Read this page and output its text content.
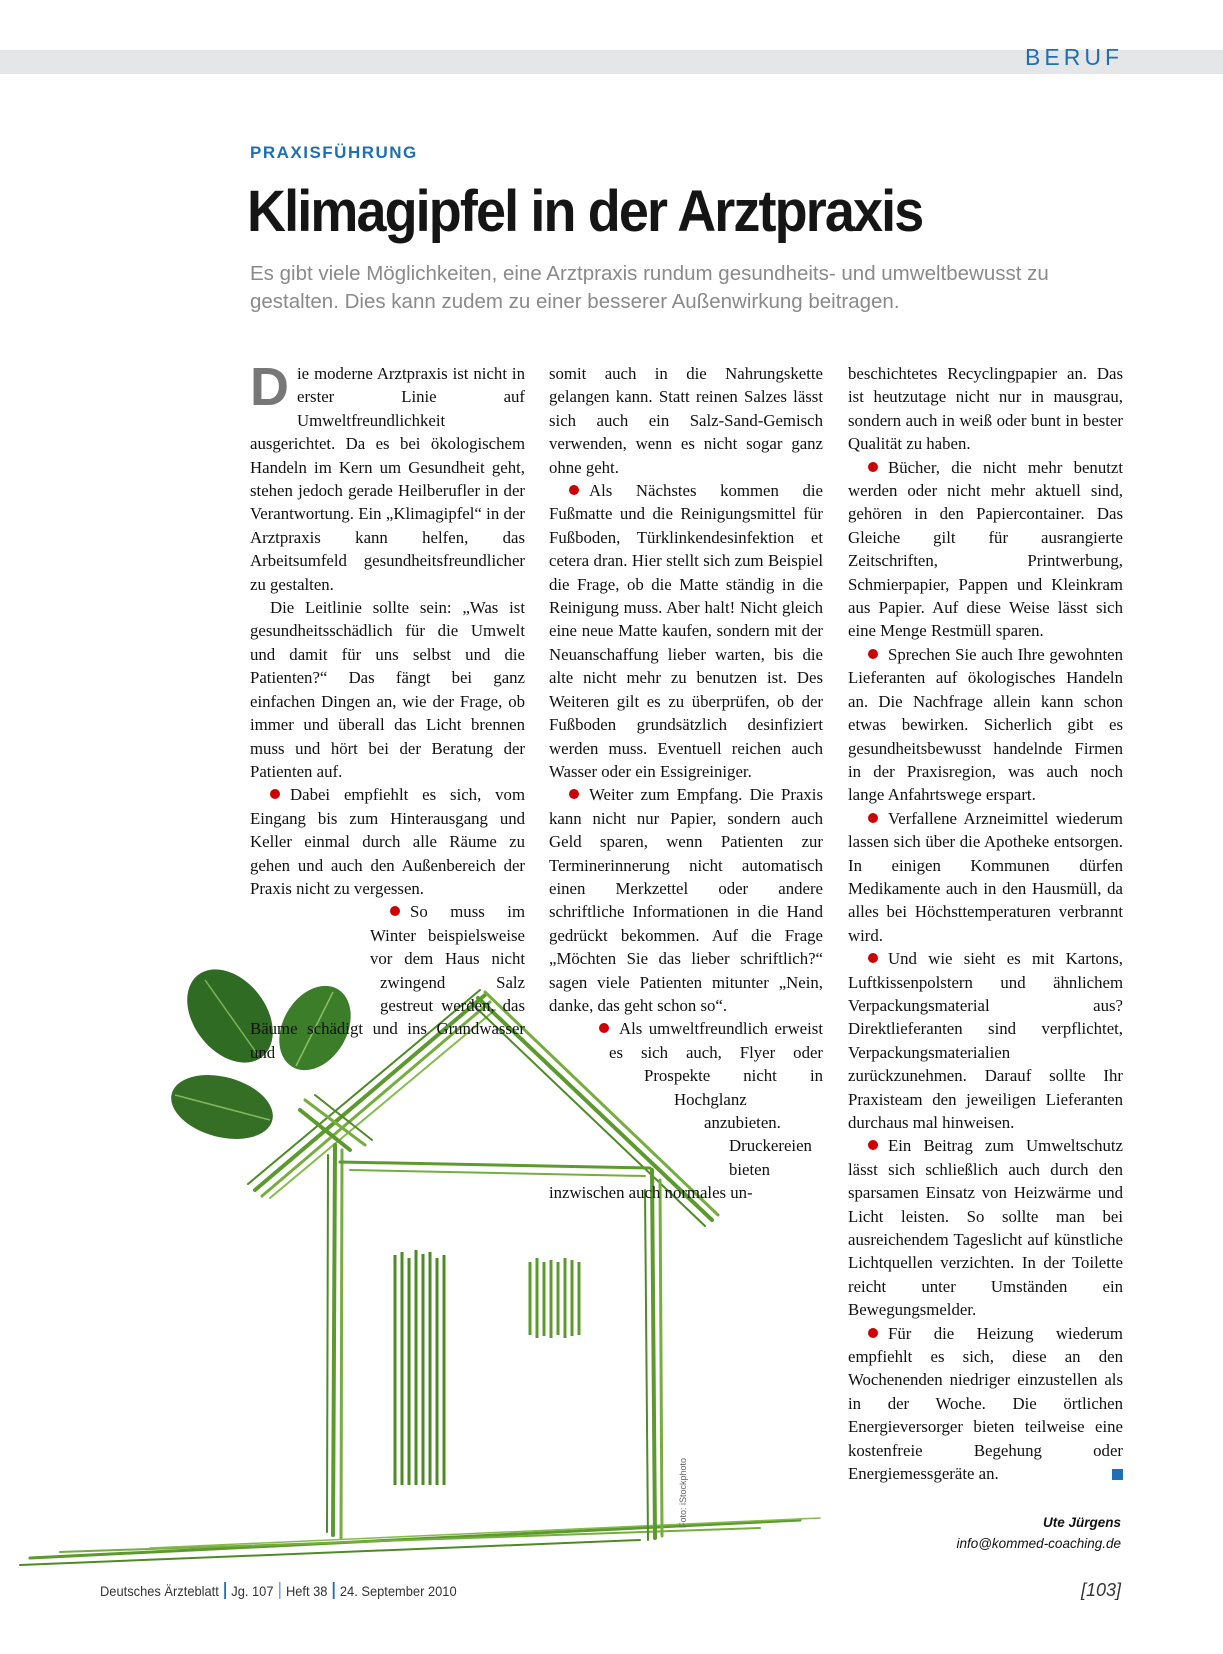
BERUF
PRAXISFÜHRUNG
Klimagipfel in der Arztpraxis

Es gibt viele Möglichkeiten, eine Arztpraxis rundum gesundheits- und umweltbewusst zu gestalten. Dies kann zudem zu einer besserer Außenwirkung beitragen.

Foto: iStockphoto

Die moderne Arztpraxis ist nicht in erster Linie auf Umweltfreundlichkeit ausgerichtet. Da es bei ökologischem Handeln im Kern um Gesundheit geht, stehen jedoch gerade Heilberufler in der Verantwortung. Ein „Klimagipfel“ in der Arztpraxis kann helfen, das Arbeitsumfeld gesundheitsfreundlicher zu gestalten.

Die Leitlinie sollte sein: „Was ist gesundheitsschädlich für die Umwelt und damit für uns selbst und die Patienten?“ Das fängt bei ganz einfachen Dingen an, wie der Frage, ob immer und überall das Licht brennen muss und hört bei der Beratung der Patienten auf.

Dabei empfiehlt es sich, vom Eingang bis zum Hinterausgang und Keller einmal durch alle Räume zu gehen und auch den Außenbereich der Praxis nicht zu vergessen.

So muss im Winter beispielsweise vor dem Haus nicht zwingend Salz gestreut werden, das Bäume schädigt und ins Grundwasser und

somit auch in die Nahrungskette gelangen kann. Statt reinen Salzes lässt sich auch ein Salz-Sand-Gemisch verwenden, wenn es nicht sogar ganz ohne geht.

Als Nächstes kommen die Fußmatte und die Reinigungsmittel für Fußboden, Türklinkendesinfektion et cetera dran. Hier stellt sich zum Beispiel die Frage, ob die Matte ständig in die Reinigung muss. Aber halt! Nicht gleich eine neue Matte kaufen, sondern mit der Neuanschaffung lieber warten, bis die alte nicht mehr zu benutzen ist. Des Weiteren gilt es zu überprüfen, ob der Fußboden grundsätzlich desinfiziert werden muss. Eventuell reichen auch Wasser oder ein Essigreiniger.

Weiter zum Empfang. Die Praxis kann nicht nur Papier, sondern auch Geld sparen, wenn Patienten zur Terminerinnerung nicht automatisch einen Merkzettel oder andere schriftliche Informationen in die Hand gedrückt bekommen. Auf die Frage „Möchten Sie das lieber schriftlich?“ sagen viele Patienten mitunter „Nein, danke, das geht schon so“.

Als umweltfreundlich erweist es sich auch, Flyer oder Prospekte nicht in Hochglanz anzubieten. Druckereien bieten inzwischen auch normales un-

beschichtetes Recyclingpapier an. Das ist heutzutage nicht nur in mausgrau, sondern auch in weiß oder bunt in bester Qualität zu haben.

Bücher, die nicht mehr benutzt werden oder nicht mehr aktuell sind, gehören in den Papiercontainer. Das Gleiche gilt für ausrangierte Zeitschriften, Printwerbung, Schmierpapier, Pappen und Kleinkram aus Papier. Auf diese Weise lässt sich eine Menge Restmüll sparen.

Sprechen Sie auch Ihre gewohnten Lieferanten auf ökologisches Handeln an. Die Nachfrage allein kann schon etwas bewirken. Sicherlich gibt es gesundheitsbewusst handelnde Firmen in der Praxisregion, was auch noch lange Anfahrtswege erspart.

Verfallene Arzneimittel wiederum lassen sich über die Apotheke entsorgen. In einigen Kommunen dürfen Medikamente auch in den Hausmüll, da alles bei Höchsttemperaturen verbrannt wird.

Und wie sieht es mit Kartons, Luftkissenpolstern und ähnlichem Verpackungsmaterial aus? Direktlieferanten sind verpflichtet, Verpackungsmaterialien zurückzunehmen. Darauf sollte Ihr Praxisteam den jeweiligen Lieferanten durchaus mal hinweisen.

Ein Beitrag zum Umweltschutz lässt sich schließlich auch durch den sparsamen Einsatz von Heizwärme und Licht leisten. So sollte man bei ausreichendem Tageslicht auf künstliche Lichtquellen verzichten. In der Toilette reicht unter Umständen ein Bewegungsmelder.

Für die Heizung wiederum empfiehlt es sich, diese an den Wochenenden niedriger einzustellen als in der Woche. Die örtlichen Energieversorger bieten teilweise eine kostenfreie Begehung oder Energiemessgeräte an.

Ute Jürgens
info@kommed-coaching.de
Deutsches Ärzteblatt Jg. 107 Heft 38 24. September 2010	[103]
